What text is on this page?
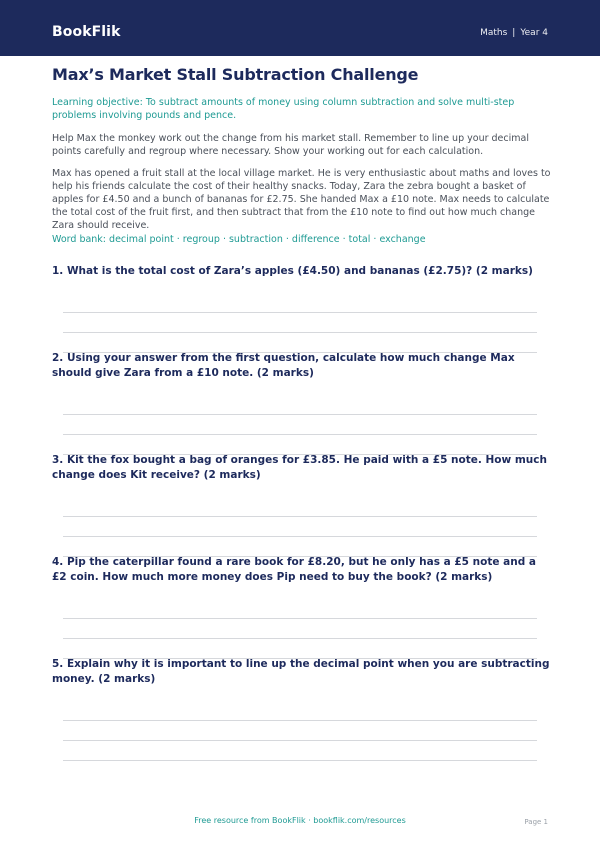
BookFlik	Maths | Year 4
Max’s Market Stall Subtraction Challenge
Learning objective: To subtract amounts of money using column subtraction and solve multi-step problems involving pounds and pence.
Help Max the monkey work out the change from his market stall. Remember to line up your decimal points carefully and regroup where necessary. Show your working out for each calculation.
Max has opened a fruit stall at the local village market. He is very enthusiastic about maths and loves to help his friends calculate the cost of their healthy snacks. Today, Zara the zebra bought a basket of apples for £4.50 and a bunch of bananas for £2.75. She handed Max a £10 note. Max needs to calculate the total cost of the fruit first, and then subtract that from the £10 note to find out how much change Zara should receive.
Word bank: decimal point · regroup · subtraction · difference · total · exchange
1. What is the total cost of Zara’s apples (£4.50) and bananas (£2.75)? (2 marks)
2. Using your answer from the first question, calculate how much change Max should give Zara from a £10 note. (2 marks)
3. Kit the fox bought a bag of oranges for £3.85. He paid with a £5 note. How much change does Kit receive? (2 marks)
4. Pip the caterpillar found a rare book for £8.20, but he only has a £5 note and a £2 coin. How much more money does Pip need to buy the book? (2 marks)
5. Explain why it is important to line up the decimal point when you are subtracting money. (2 marks)
Free resource from BookFlik · bookflik.com/resources	Page 1
